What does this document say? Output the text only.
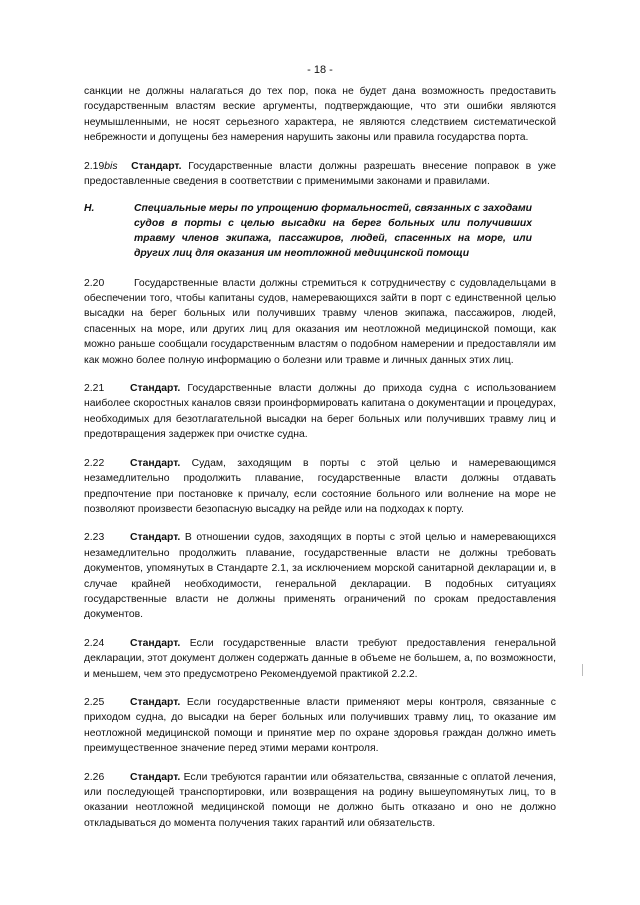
- 18 -

санкции не должны налагаться до тех пор, пока не будет дана возможность предоставить государственным властям веские аргументы, подтверждающие, что эти ошибки являются неумышленными, не носят серьезного характера, не являются следствием систематической небрежности и допущены без намерения нарушить законы или правила государства порта.

2.19bis Стандарт. Государственные власти должны разрешать внесение поправок в уже предоставленные сведения в соответствии с применимыми законами и правилами.

H.	Специальные меры по упрощению формальностей, связанных с заходами судов в порты с целью высадки на берег больных или получивших травму членов экипажа, пассажиров, людей, спасенных на море, или других лиц для оказания им неотложной медицинской помощи

2.20	Государственные власти должны стремиться к сотрудничеству с судовладельцами в обеспечении того, чтобы капитаны судов, намеревающихся зайти в порт с единственной целью высадки на берег больных или получивших травму членов экипажа, пассажиров, людей, спасенных на море, или других лиц для оказания им неотложной медицинской помощи, как можно раньше сообщали государственным властям о подобном намерении и предоставляли им как можно более полную информацию о болезни или травме и личных данных этих лиц.

2.21 Стандарт. Государственные власти должны до прихода судна с использованием наиболее скоростных каналов связи проинформировать капитана о документации и процедурах, необходимых для безотлагательной высадки на берег больных или получивших травму лиц и предотвращения задержек при очистке судна.

2.22 Стандарт. Судам, заходящим в порты с этой целью и намеревающимся незамедлительно продолжить плавание, государственные власти должны отдавать предпочтение при постановке к причалу, если состояние больного или волнение на море не позволяют произвести безопасную высадку на рейде или на подходах к порту.

2.23 Стандарт. В отношении судов, заходящих в порты с этой целью и намеревающихся незамедлительно продолжить плавание, государственные власти не должны требовать документов, упомянутых в Стандарте 2.1, за исключением морской санитарной декларации и, в случае крайней необходимости, генеральной декларации. В подобных ситуациях государственные власти не должны применять ограничений по срокам предоставления документов.

2.24 Стандарт. Если государственные власти требуют предоставления генеральной декларации, этот документ должен содержать данные в объеме не большем, а, по возможности, и меньшем, чем это предусмотрено Рекомендуемой практикой 2.2.2.

2.25 Стандарт. Если государственные власти применяют меры контроля, связанные с приходом судна, до высадки на берег больных или получивших травму лиц, то оказание им неотложной медицинской помощи и принятие мер по охране здоровья граждан должно иметь преимущественное значение перед этими мерами контроля.

2.26 Стандарт. Если требуются гарантии или обязательства, связанные с оплатой лечения, или последующей транспортировки, или возвращения на родину вышеупомянутых лиц, то в оказании неотложной медицинской помощи не должно быть отказано и оно не должно откладываться до момента получения таких гарантий или обязательств.
